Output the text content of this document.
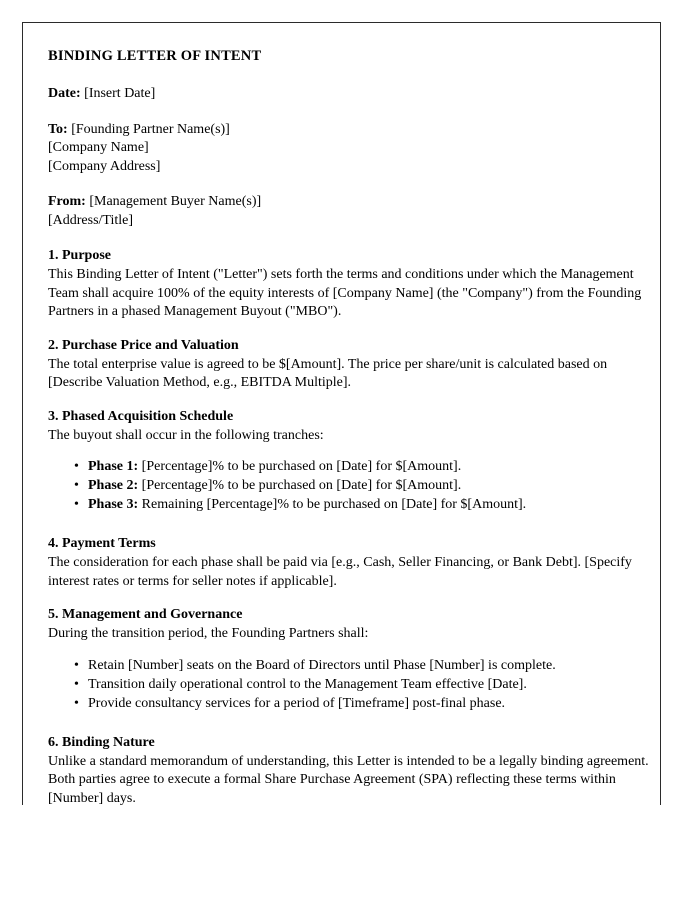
BINDING LETTER OF INTENT
Date: [Insert Date]
To: [Founding Partner Name(s)]
[Company Name]
[Company Address]
From: [Management Buyer Name(s)]
[Address/Title]
1. Purpose

This Binding Letter of Intent ("Letter") sets forth the terms and conditions under which the Management Team shall acquire 100% of the equity interests of [Company Name] (the "Company") from the Founding Partners in a phased Management Buyout ("MBO").

2. Purchase Price and Valuation

The total enterprise value is agreed to be $[Amount]. The price per share/unit is calculated based on [Describe Valuation Method, e.g., EBITDA Multiple].

3. Phased Acquisition Schedule

The buyout shall occur in the following tranches:

• Phase 1: [Percentage]% to be purchased on [Date] for $[Amount].
• Phase 2: [Percentage]% to be purchased on [Date] for $[Amount].
• Phase 3: Remaining [Percentage]% to be purchased on [Date] for $[Amount].
4. Payment Terms

The consideration for each phase shall be paid via [e.g., Cash, Seller Financing, or Bank Debt]. [Specify interest rates or terms for seller notes if applicable].

5. Management and Governance

During the transition period, the Founding Partners shall:

• Retain [Number] seats on the Board of Directors until Phase [Number] is complete.
• Transition daily operational control to the Management Team effective [Date].
• Provide consultancy services for a period of [Timeframe] post-final phase.
6. Binding Nature

Unlike a standard memorandum of understanding, this Letter is intended to be a legally binding agreement. Both parties agree to execute a formal Share Purchase Agreement (SPA) reflecting these terms within [Number] days.
